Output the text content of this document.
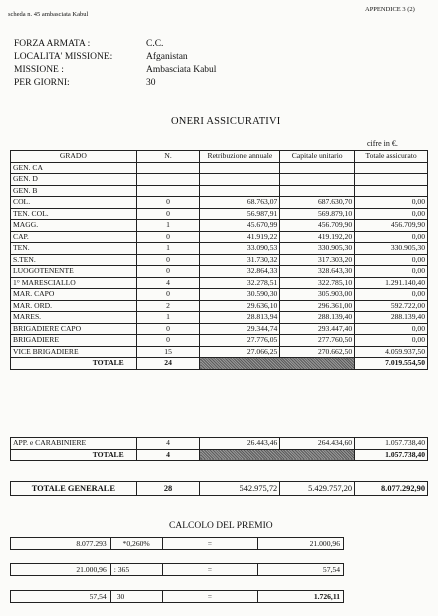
scheda n. 45 ambasciata Kabul
APPENDICE 3 (2)
FORZA ARMATA :	C.C.
LOCALITA' MISSIONE:	Afganistan
MISSIONE :	Ambasciata Kabul
PER GIORNI:	30
ONERI ASSICURATIVI
cifre in €.
GRADO	N.	Retribuzione annuale	Capitale unitario	Totale assicurato
GEN. CA				
GEN. D				
GEN. B				
COL.	0	68.763,07	687.630,70	0,00
TEN. COL.	0	56.987,91	569.879,10	0,00
MAGG.	1	45.670,99	456.709,90	456.709,90
CAP.	0	41.919,22	419.192,20	0,00
TEN.	1	33.090,53	330.905,30	330.905,30
S.TEN.	0	31.730,32	317.303,20	0,00
LUOGOTENENTE	0	32.864,33	328.643,30	0,00
1° MARESCIALLO	4	32.278,51	322.785,10	1.291.140,40
MAR. CAPO	0	30.590,30	305.903,00	0,00
MAR. ORD.	2	29.636,10	296.361,00	592.722,00
MARES.	1	28.813,94	288.139,40	288.139,40
BRIGADIERE CAPO	0	29.344,74	293.447,40	0,00
BRIGADIERE	0	27.776,05	277.760,50	0,00
VICE BRIGADIERE	15	27.066,25	270.662,50	4.059.937,50
TOTALE	24			7.019.554,50
APP. e CARABINIERE	4	26.443,46	264.434,60	1.057.738,40
TOTALE	4			1.057.738,40
TOTALE GENERALE	28	542.975,72	5.429.757,20	8.077.292,90
CALCOLO DEL PREMIO
8.077.293	*0,260%	=	21.000,96
21.000,96	: 365	=	57,54
57,54	30	=	1.726,11
